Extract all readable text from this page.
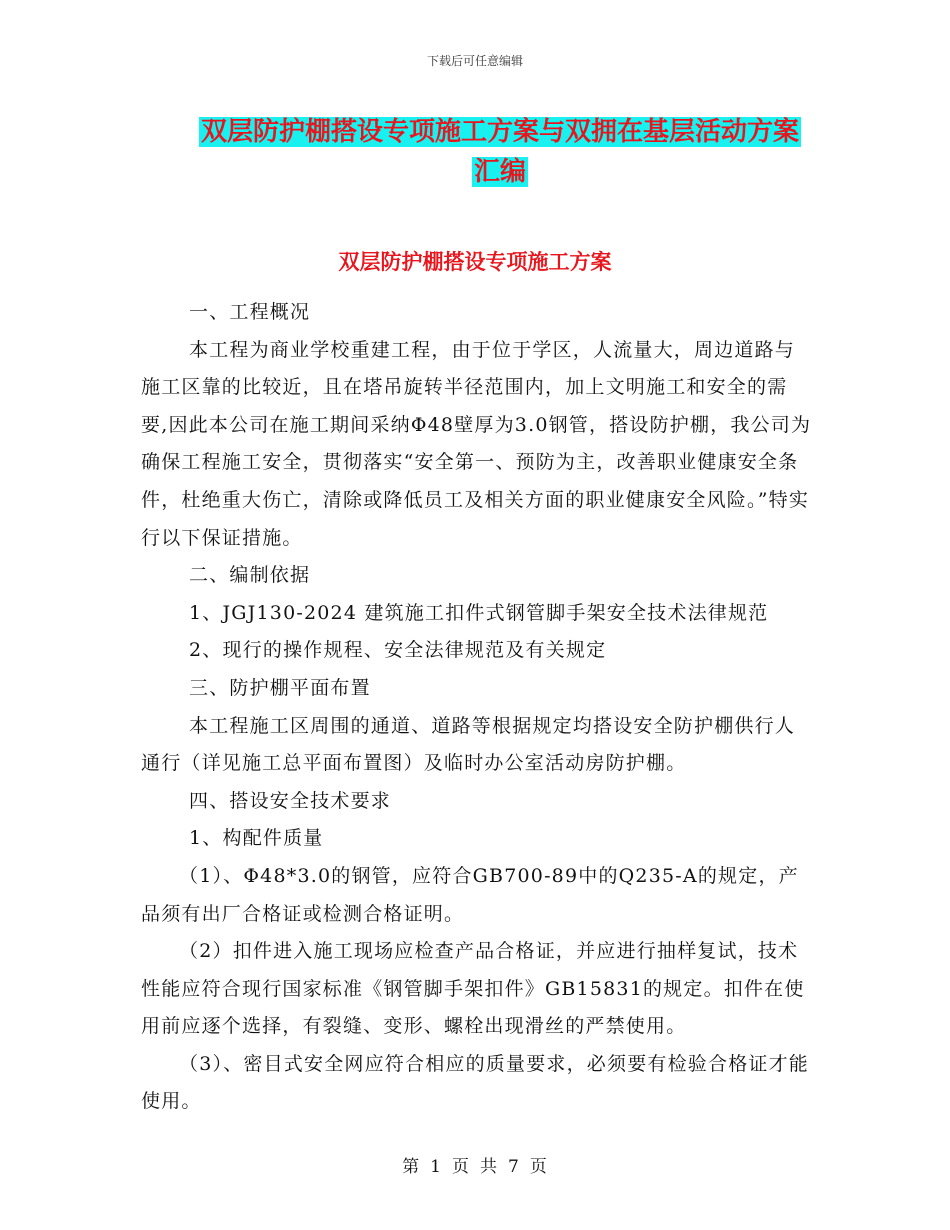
下载后可任意编辑
双层防护棚搭设专项施工方案与双拥在基层活动方案
汇编
双层防护棚搭设专项施工方案

一、工程概况

本工程为商业学校重建工程，由于位于学区，人流量大，周边道路与施工区靠的比较近，且在塔吊旋转半径范围内，加上文明施工和安全的需要,因此本公司在施工期间采纳Φ48壁厚为3.0钢管，搭设防护棚，我公司为确保工程施工安全，贯彻落实“安全第一、预防为主，改善职业健康安全条件，杜绝重大伤亡，清除或降低员工及相关方面的职业健康安全风险。”特实行以下保证措施。

二、编制依据

1、JGJ130-2024 建筑施工扣件式钢管脚手架安全技术法律规范

2、现行的操作规程、安全法律规范及有关规定

三、防护棚平面布置

本工程施工区周围的通道、道路等根据规定均搭设安全防护棚供行人通行（详见施工总平面布置图）及临时办公室活动房防护棚。

四、搭设安全技术要求

1、构配件质量

（1）、Φ48*3.0的钢管，应符合GB700-89中的Q235-A的规定，产品须有出厂合格证或检测合格证明。

（2）扣件进入施工现场应检查产品合格证，并应进行抽样复试，技术性能应符合现行国家标准《钢管脚手架扣件》GB15831的规定。扣件在使用前应逐个选择，有裂缝、变形、螺栓出现滑丝的严禁使用。

（3）、密目式安全网应符合相应的质量要求，必须要有检验合格证才能使用。

第 1 页 共 7 页
